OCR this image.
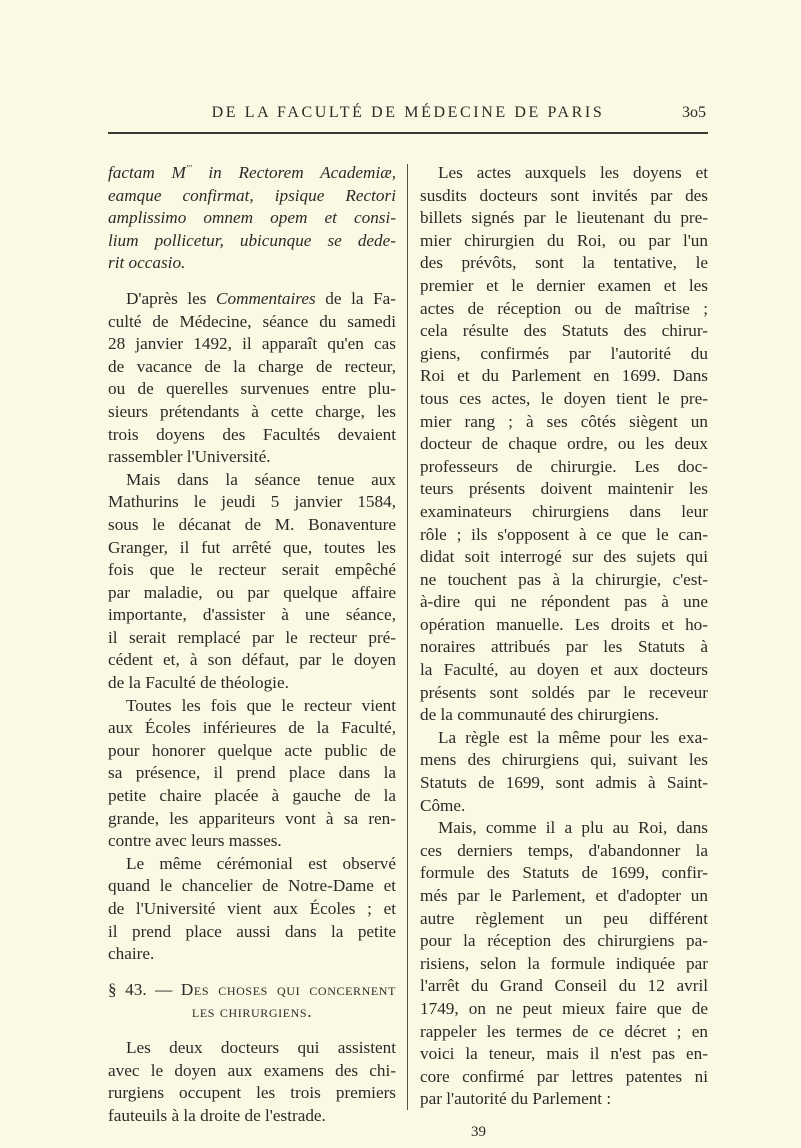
DE LA FACULTÉ DE MÉDECINE DE PARIS	3o5
factam M''' in Rectorem Academiæ,
eamque confirmat, ipsique Rectori
amplissimo omnem opem et consi-
lium pollicetur, ubicunque se dede-
rit occasio.
D'après les Commentaires de la Fa-
culté de Médecine, séance du samedi
28 janvier 1492, il apparaît qu'en cas
de vacance de la charge de recteur,
ou de querelles survenues entre plu-
sieurs prétendants à cette charge, les
trois doyens des Facultés devaient
rassembler l'Université.
Mais dans la séance tenue aux
Mathurins le jeudi 5 janvier 1584,
sous le décanat de M. Bonaventure
Granger, il fut arrêté que, toutes les
fois que le recteur serait empêché
par maladie, ou par quelque affaire
importante, d'assister à une séance,
il serait remplacé par le recteur pré-
cédent et, à son défaut, par le doyen
de la Faculté de théologie.
Toutes les fois que le recteur vient
aux Écoles inférieures de la Faculté,
pour honorer quelque acte public de
sa présence, il prend place dans la
petite chaire placée à gauche de la
grande, les appariteurs vont à sa ren-
contre avec leurs masses.
Le même cérémonial est observé
quand le chancelier de Notre-Dame et
de l'Université vient aux Écoles ; et
il prend place aussi dans la petite
chaire.
§ 43. — Des choses qui concernent
les chirurgiens.
Les deux docteurs qui assistent
avec le doyen aux examens des chi-
rurgiens occupent les trois premiers
fauteuils à la droite de l'estrade.
Les actes auxquels les doyens et
susdits docteurs sont invités par des
billets signés par le lieutenant du pre-
mier chirurgien du Roi, ou par l'un
des prévôts, sont la tentative, le
premier et le dernier examen et les
actes de réception ou de maîtrise ;
cela résulte des Statuts des chirur-
giens, confirmés par l'autorité du
Roi et du Parlement en 1699. Dans
tous ces actes, le doyen tient le pre-
mier rang ; à ses côtés siègent un
docteur de chaque ordre, ou les deux
professeurs de chirurgie. Les doc-
teurs présents doivent maintenir les
examinateurs chirurgiens dans leur
rôle ; ils s'opposent à ce que le can-
didat soit interrogé sur des sujets qui
ne touchent pas à la chirurgie, c'est-
à-dire qui ne répondent pas à une
opération manuelle. Les droits et ho-
noraires attribués par les Statuts à
la Faculté, au doyen et aux docteurs
présents sont soldés par le receveur
de la communauté des chirurgiens.
La règle est la même pour les exa-
mens des chirurgiens qui, suivant les
Statuts de 1699, sont admis à Saint-
Côme.
Mais, comme il a plu au Roi, dans
ces derniers temps, d'abandonner la
formule des Statuts de 1699, confir-
més par le Parlement, et d'adopter un
autre règlement un peu différent
pour la réception des chirurgiens pa-
risiens, selon la formule indiquée par
l'arrêt du Grand Conseil du 12 avril
1749, on ne peut mieux faire que de
rappeler les termes de ce décret ; en
voici la teneur, mais il n'est pas en-
core confirmé par lettres patentes ni
par l'autorité du Parlement :
39
